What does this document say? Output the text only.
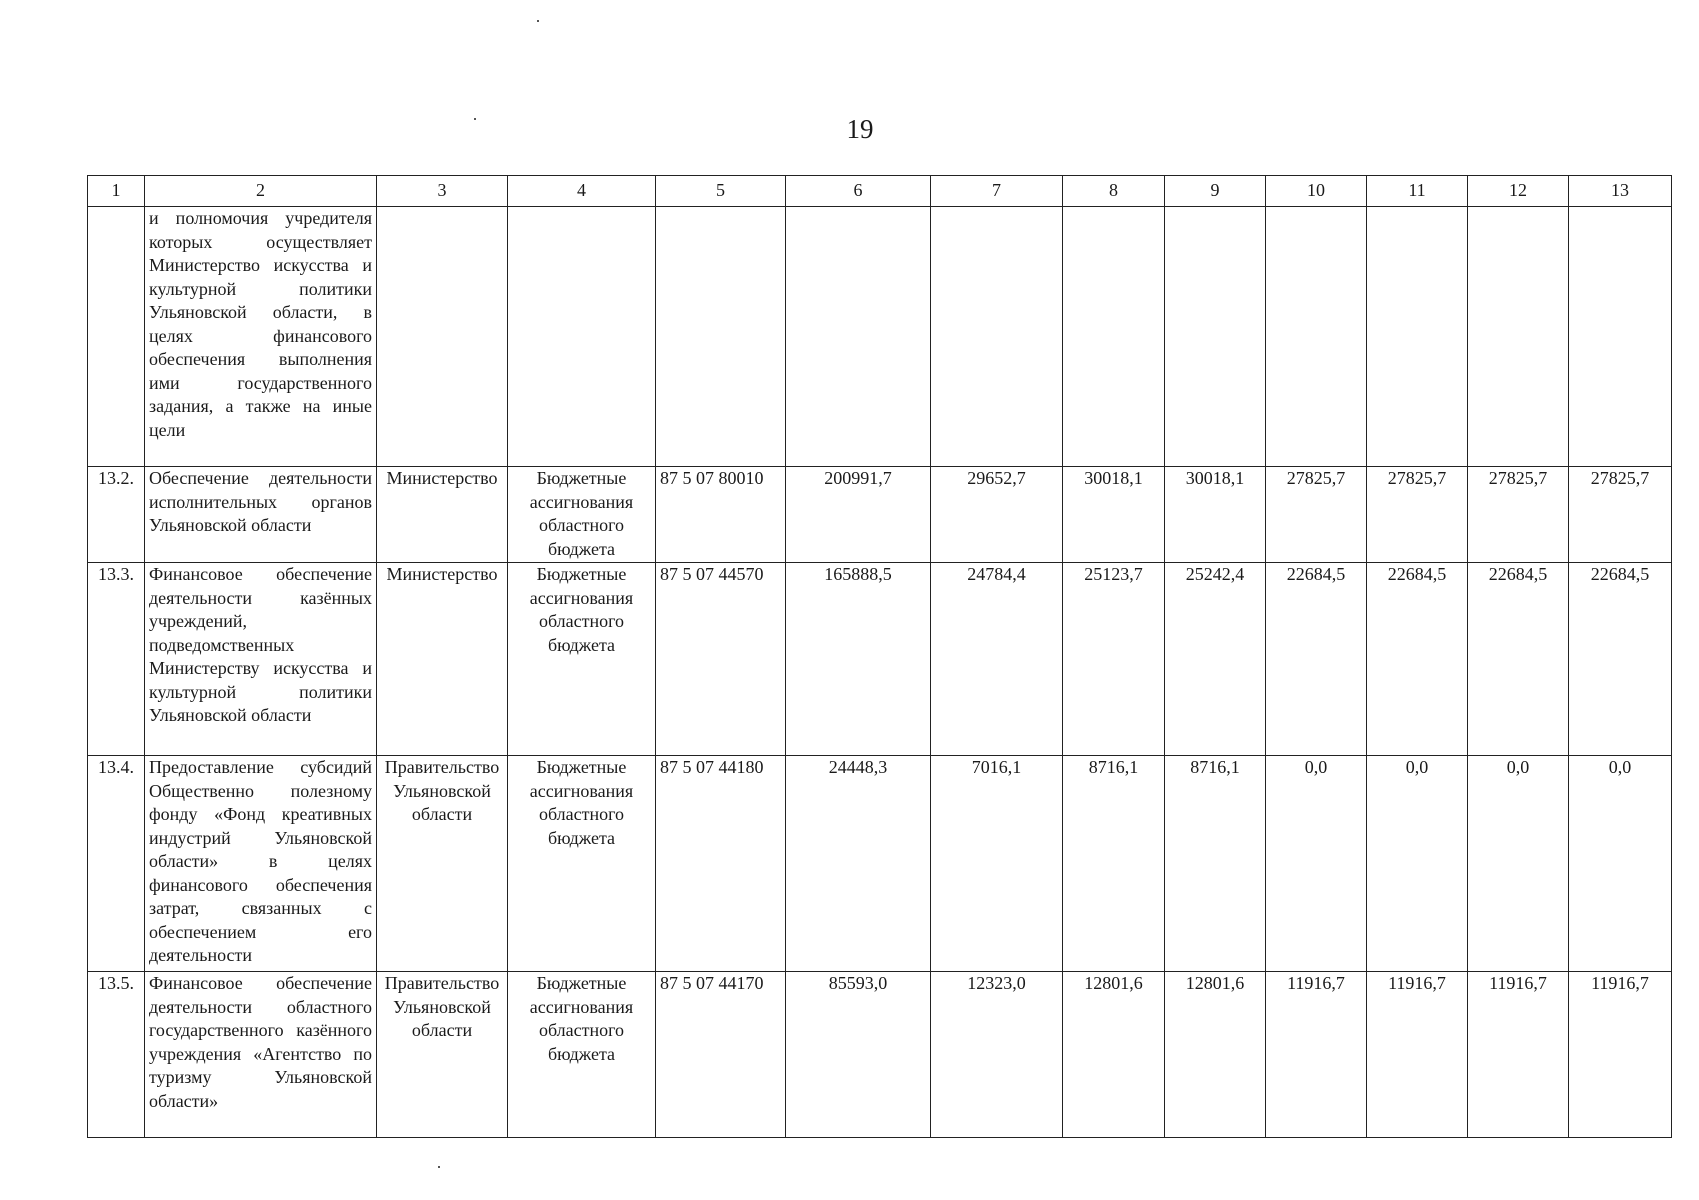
19
1	2	3	4	5	6	7	8	9	10	11	12	13
	и полномочия учредителя которых осуществляет Министерство искусства и культурной политики Ульяновской области, в целях финансового обеспечения выполнения ими государственного задания, а также на иные цели											
13.2.	Обеспечение деятельности исполнительных органов Ульяновской области	Министерство	Бюджетные ассигнования областного бюджета	87 5 07 80010	200991,7	29652,7	30018,1	30018,1	27825,7	27825,7	27825,7	27825,7
13.3.	Финансовое обеспечение деятельности казённых учреждений, подведомственных Министерству искусства и культурной политики Ульяновской области	Министерство	Бюджетные ассигнования областного бюджета	87 5 07 44570	165888,5	24784,4	25123,7	25242,4	22684,5	22684,5	22684,5	22684,5
13.4.	Предоставление субсидий Общественно полезному фонду «Фонд креативных индустрий Ульяновской области» в целях финансового обеспечения затрат, связанных с обеспечением его деятельности	Правительство Ульяновской области	Бюджетные ассигнования областного бюджета	87 5 07 44180	24448,3	7016,1	8716,1	8716,1	0,0	0,0	0,0	0,0
13.5.	Финансовое обеспечение деятельности областного государственного казённого учреждения «Агентство по туризму Ульяновской области»	Правительство Ульяновской области	Бюджетные ассигнования областного бюджета	87 5 07 44170	85593,0	12323,0	12801,6	12801,6	11916,7	11916,7	11916,7	11916,7
